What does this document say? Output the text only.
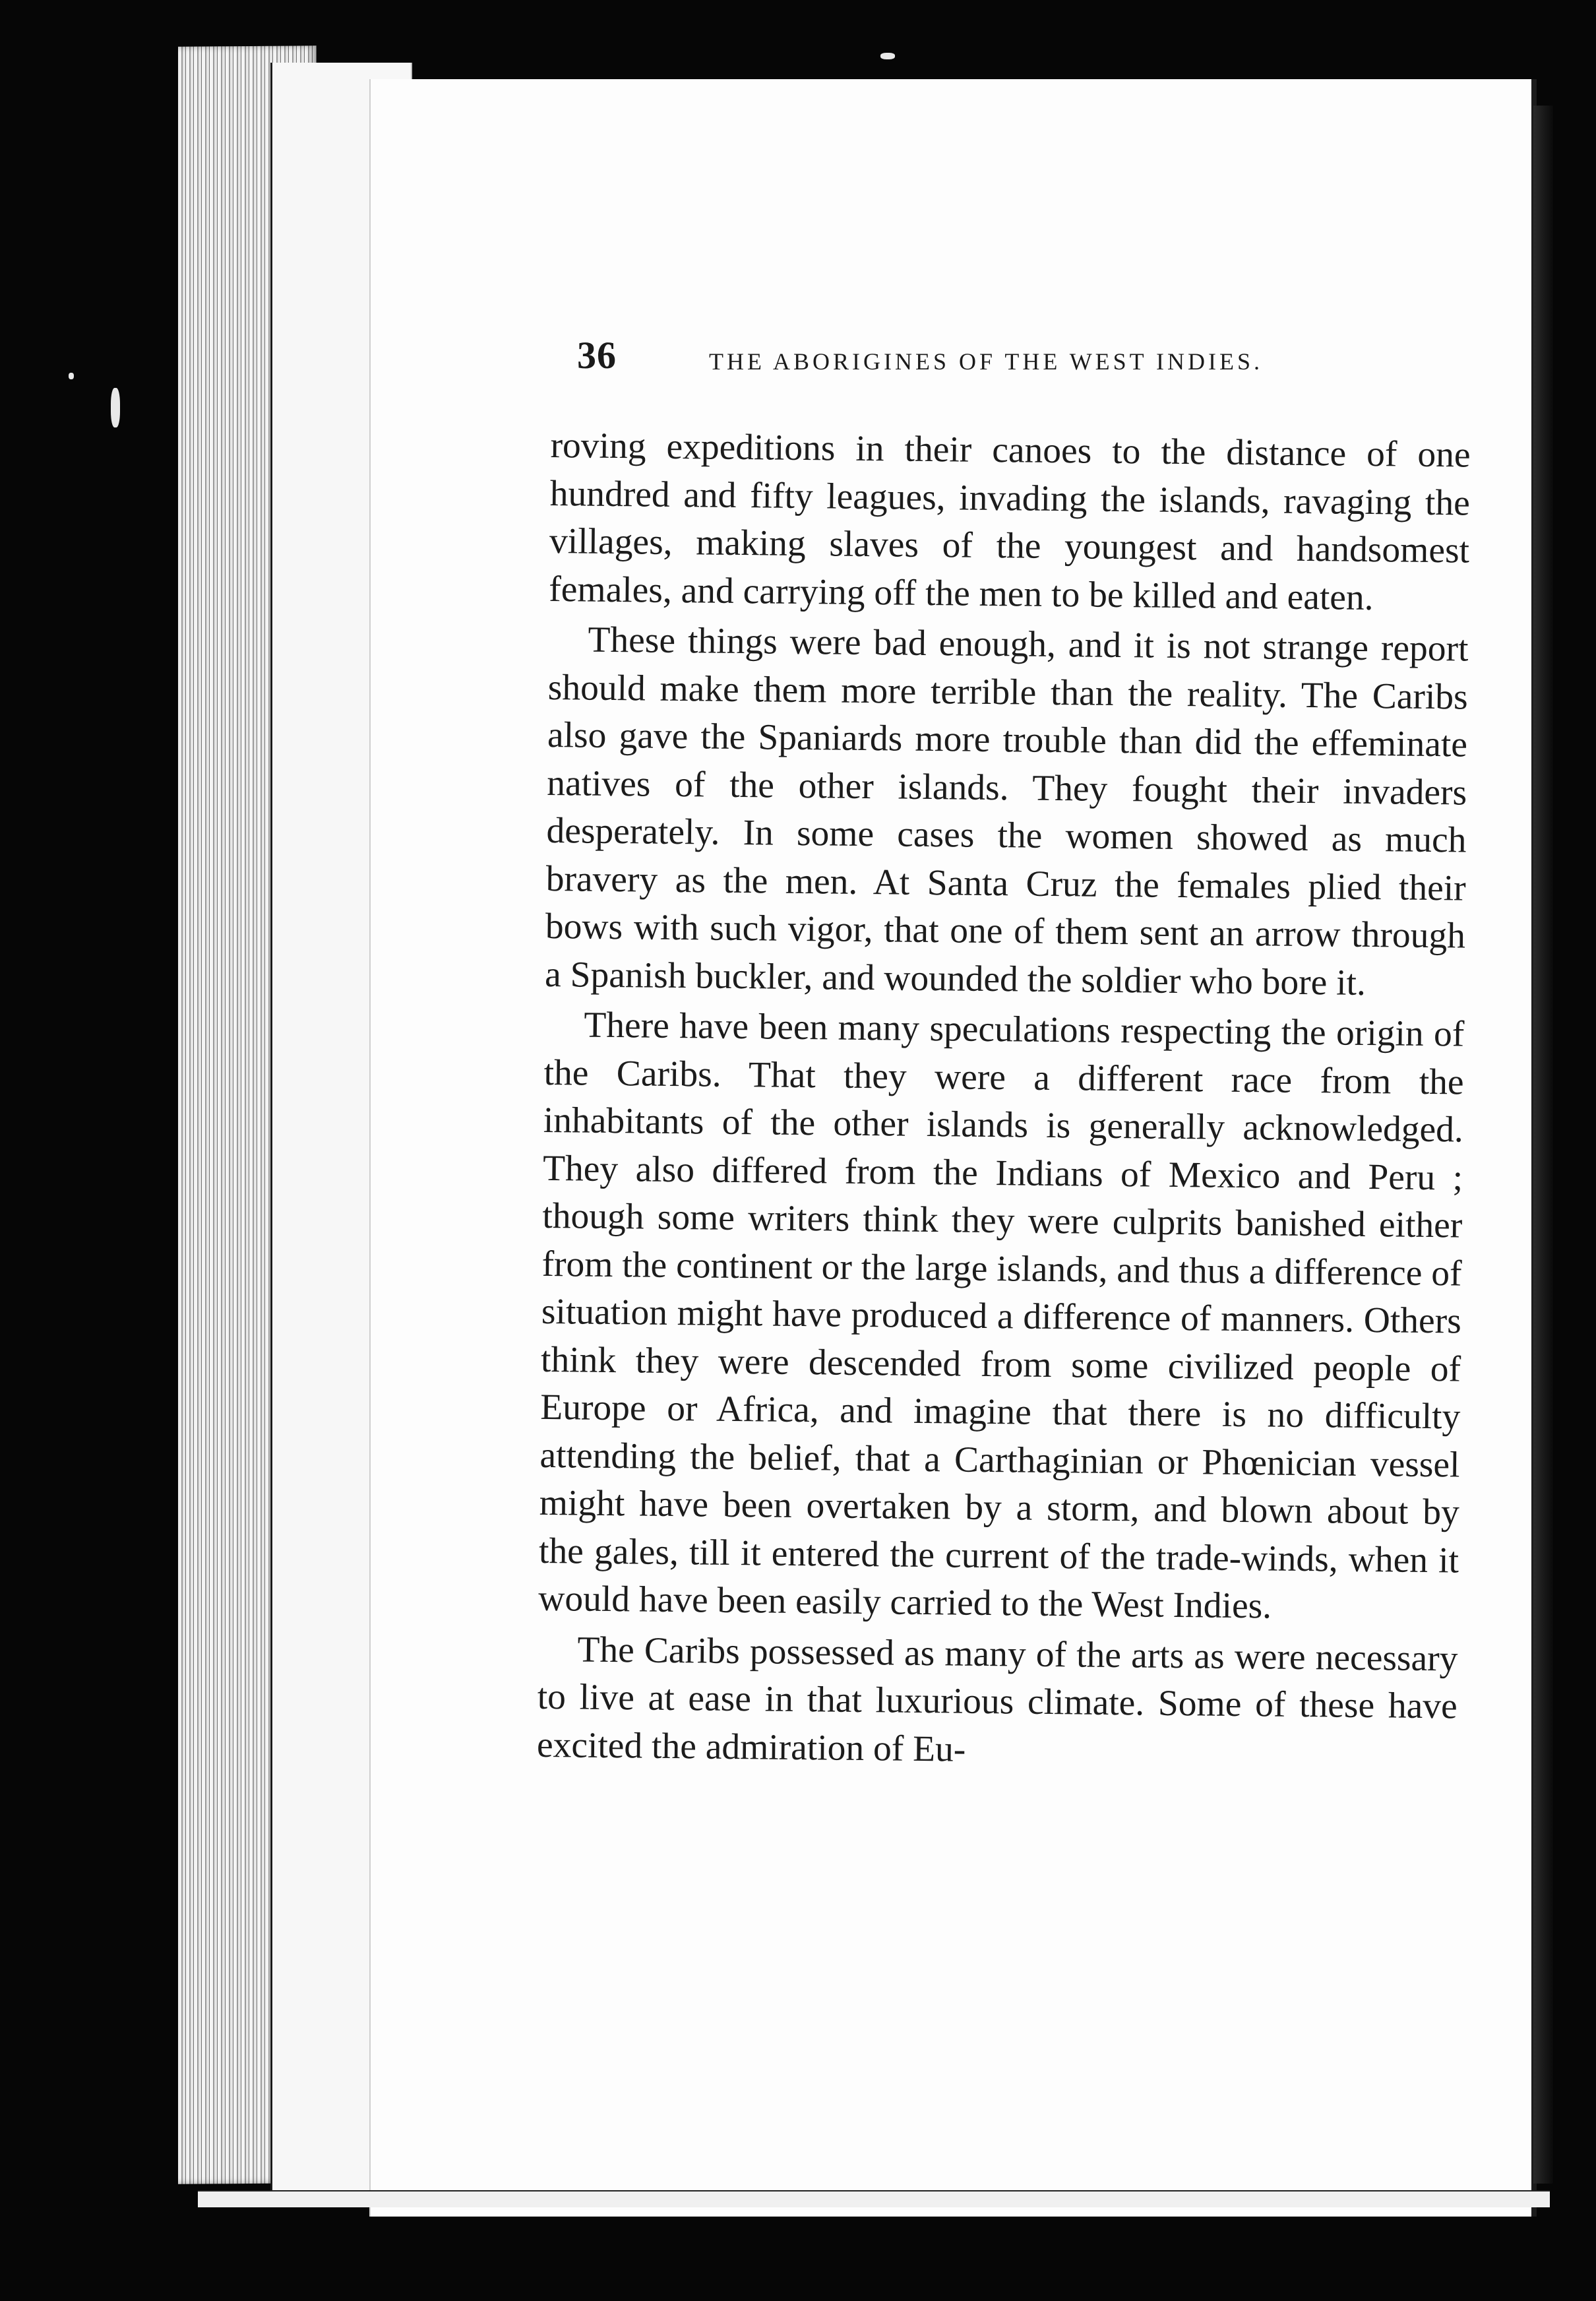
36	THE ABORIGINES OF THE WEST INDIES.

roving expeditions in their canoes to the distance of one hundred and fifty leagues, invading the islands, ravaging the villages, making slaves of the youngest and handsomest females, and carrying off the men to be killed and eaten.

These things were bad enough, and it is not strange report should make them more terrible than the reality. The Caribs also gave the Spaniards more trouble than did the effeminate natives of the other islands. They fought their invaders desperately. In some cases the women showed as much bravery as the men. At Santa Cruz the females plied their bows with such vigor, that one of them sent an arrow through a Spanish buckler, and wounded the soldier who bore it.

There have been many speculations respecting the origin of the Caribs. That they were a different race from the inhabitants of the other islands is generally acknowledged. They also differed from the Indians of Mexico and Peru ; though some writers think they were culprits banished either from the continent or the large islands, and thus a difference of situation might have produced a difference of manners. Others think they were descended from some civilized people of Europe or Africa, and imagine that there is no difficulty attending the belief, that a Carthaginian or Phœnician vessel might have been overtaken by a storm, and blown about by the gales, till it entered the current of the trade-winds, when it would have been easily carried to the West Indies.

The Caribs possessed as many of the arts as were necessary to live at ease in that luxurious climate. Some of these have excited the admiration of Eu-
